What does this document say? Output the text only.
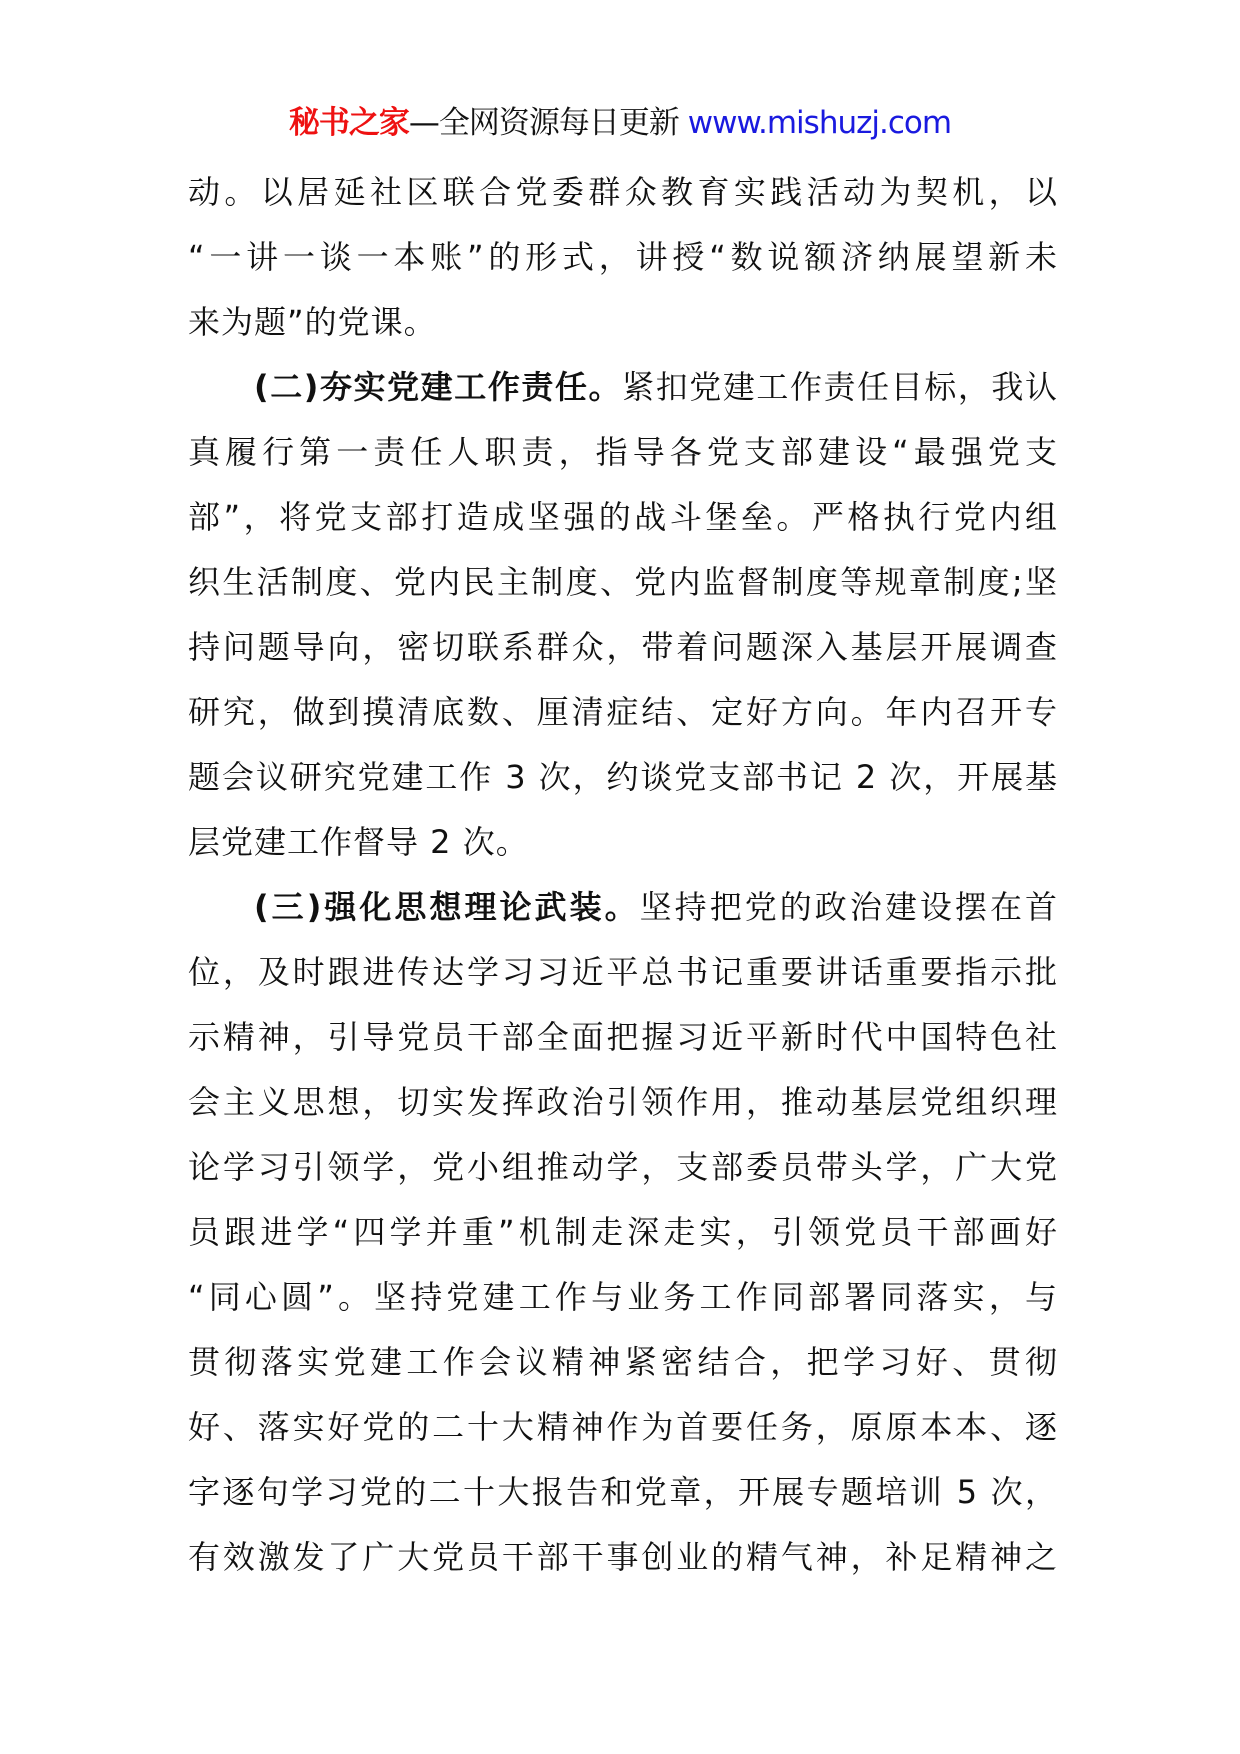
秘书之家—全网资源每日更新 www.mishuzj.com
动。以居延社区联合党委群众教育实践活动为契机，以
“一讲一谈一本账”的形式，讲授“数说额济纳展望新未
来为题”的党课。
(二)夯实党建工作责任。紧扣党建工作责任目标，我认
真履行第一责任人职责，指导各党支部建设“最强党支
部”，将党支部打造成坚强的战斗堡垒。严格执行党内组
织生活制度、党内民主制度、党内监督制度等规章制度;坚
持问题导向，密切联系群众，带着问题深入基层开展调查
研究，做到摸清底数、厘清症结、定好方向。年内召开专
题会议研究党建工作 3 次，约谈党支部书记 2 次，开展基
层党建工作督导 2 次。
(三)强化思想理论武装。坚持把党的政治建设摆在首
位，及时跟进传达学习习近平总书记重要讲话重要指示批
示精神，引导党员干部全面把握习近平新时代中国特色社
会主义思想，切实发挥政治引领作用，推动基层党组织理
论学习引领学，党小组推动学，支部委员带头学，广大党
员跟进学“四学并重”机制走深走实，引领党员干部画好
“同心圆”。坚持党建工作与业务工作同部署同落实，与
贯彻落实党建工作会议精神紧密结合，把学习好、贯彻
好、落实好党的二十大精神作为首要任务，原原本本、逐
字逐句学习党的二十大报告和党章，开展专题培训 5 次，
有效激发了广大党员干部干事创业的精气神，补足精神之
